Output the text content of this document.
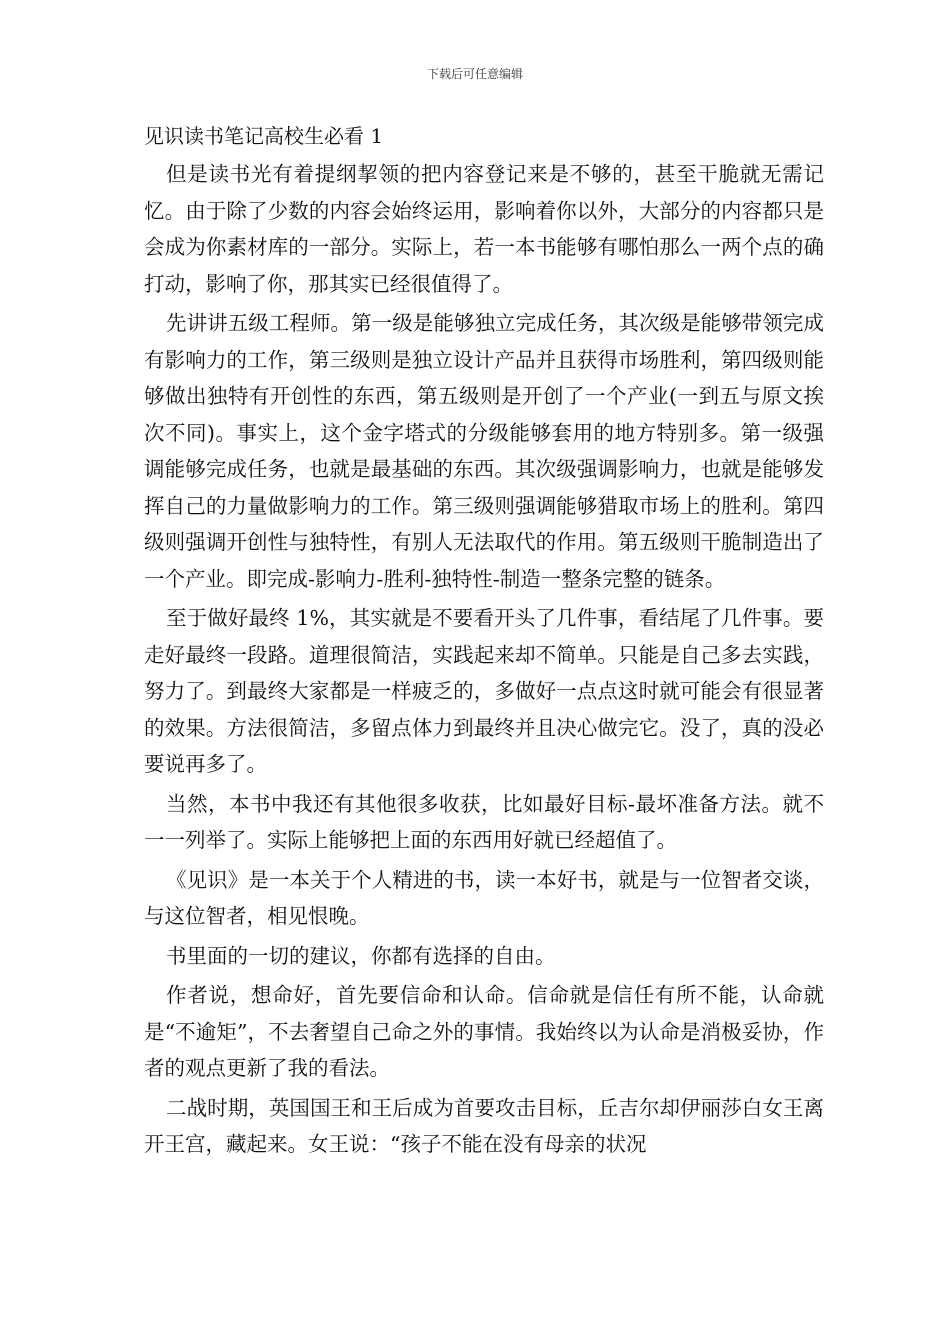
下载后可任意编辑
见识读书笔记高校生必看 1

但是读书光有着提纲挈领的把内容登记来是不够的，甚至干脆就无需记忆。由于除了少数的内容会始终运用，影响着你以外，大部分的内容都只是会成为你素材库的一部分。实际上，若一本书能够有哪怕那么一两个点的确打动，影响了你，那其实已经很值得了。

先讲讲五级工程师。第一级是能够独立完成任务，其次级是能够带领完成有影响力的工作，第三级则是独立设计产品并且获得市场胜利，第四级则能够做出独特有开创性的东西，第五级则是开创了一个产业(一到五与原文挨次不同)。事实上，这个金字塔式的分级能够套用的地方特别多。第一级强调能够完成任务，也就是最基础的东西。其次级强调影响力，也就是能够发挥自己的力量做影响力的工作。第三级则强调能够猎取市场上的胜利。第四级则强调开创性与独特性，有别人无法取代的作用。第五级则干脆制造出了一个产业。即完成-影响力-胜利-独特性-制造一整条完整的链条。

至于做好最终 1%，其实就是不要看开头了几件事，看结尾了几件事。要走好最终一段路。道理很简洁，实践起来却不简单。只能是自己多去实践，努力了。到最终大家都是一样疲乏的，多做好一点点这时就可能会有很显著的效果。方法很简洁，多留点体力到最终并且决心做完它。没了，真的没必要说再多了。

当然，本书中我还有其他很多收获，比如最好目标-最坏准备方法。就不一一列举了。实际上能够把上面的东西用好就已经超值了。

《见识》是一本关于个人精进的书，读一本好书，就是与一位智者交谈，与这位智者，相见恨晚。

书里面的一切的建议，你都有选择的自由。

作者说，想命好，首先要信命和认命。信命就是信任有所不能，认命就是“不逾矩”，不去奢望自己命之外的事情。我始终以为认命是消极妥协，作者的观点更新了我的看法。

二战时期，英国国王和王后成为首要攻击目标，丘吉尔却伊丽莎白女王离开王宫，藏起来。女王说：“孩子不能在没有母亲的状况
